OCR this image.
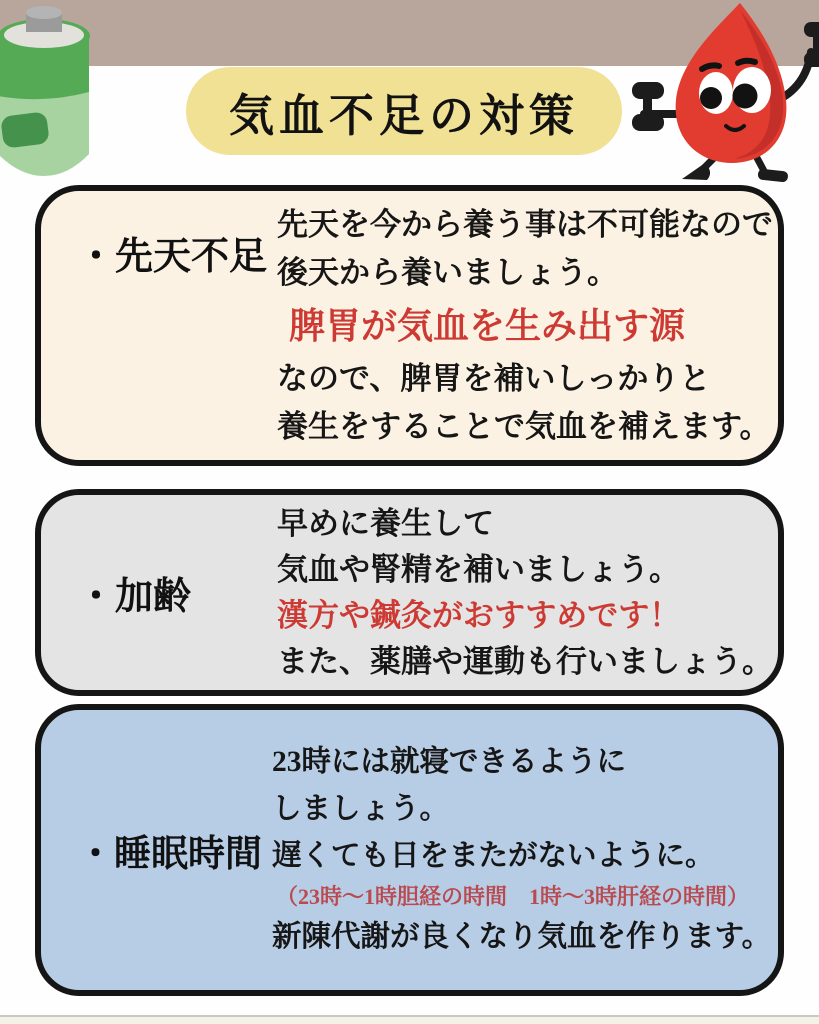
気血不足の対策
・先天不足

先天を今から養う事は不可能なので

後天から養いましょう。

脾胃が気血を生み出す源

なので、脾胃を補いしっかりと

養生をすることで気血を補えます。

・加齢

早めに養生して

気血や腎精を補いましょう。

漢方や鍼灸がおすすめです！

また、薬膳や運動も行いましょう。

・睡眠時間

23時には就寝できるように

しましょう。

遅くても日をまたがないように。

（23時～1時胆経の時間　1時～3時肝経の時間）

新陳代謝が良くなり気血を作ります。
